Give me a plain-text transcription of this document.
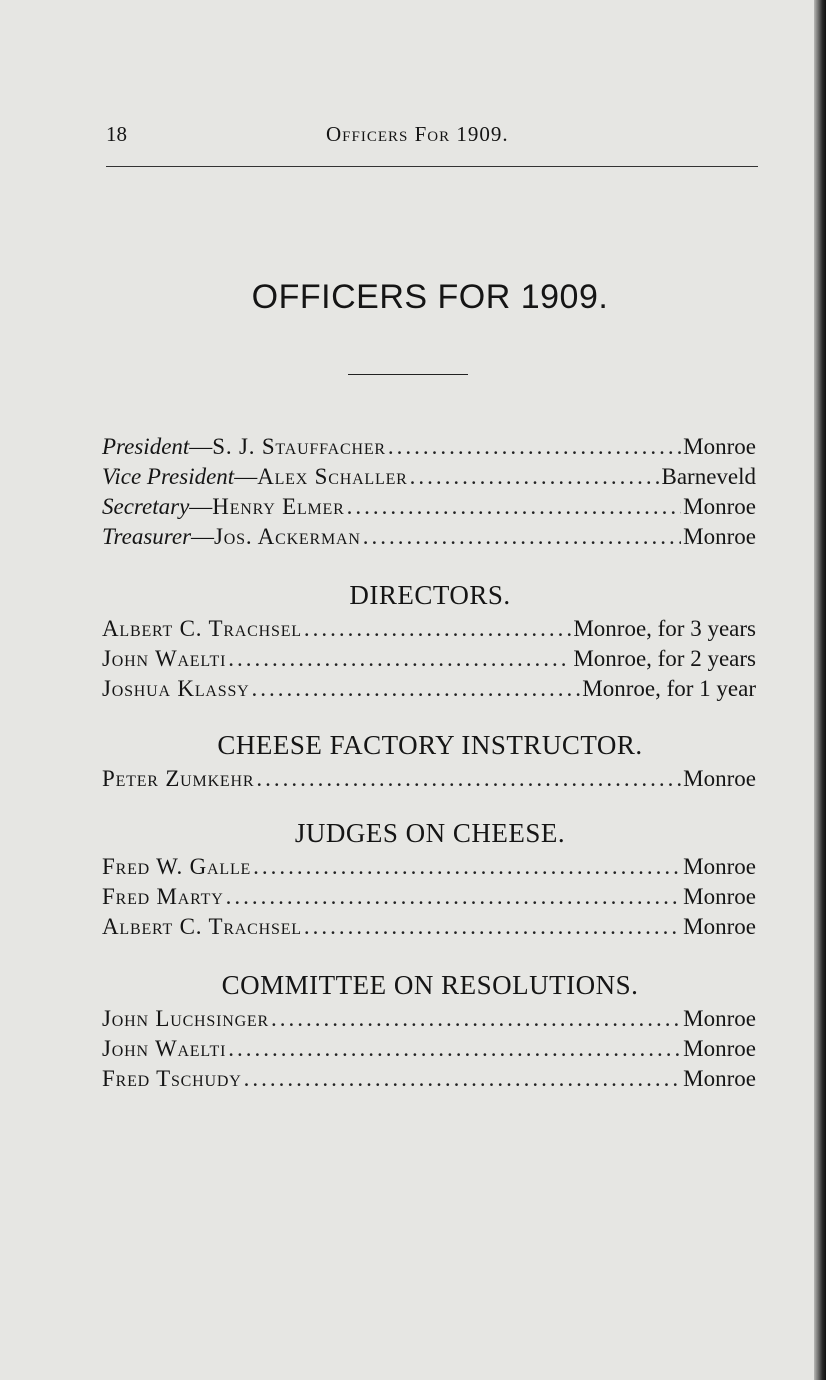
18	Officers For 1909.
OFFICERS FOR 1909.
President — S. J. Stauffacher .....	Monroe
Vice President — Alex Schaller .....	Barneveld
Secretary — Henry Elmer .....	Monroe
Treasurer — Jos. Ackerman .....	Monroe
DIRECTORS.
Albert C. Trachsel .....	Monroe, for 3 years
John Waelti .....	Monroe, for 2 years
Joshua Klassy .....	Monroe, for 1 year
CHEESE FACTORY INSTRUCTOR.
Peter Zumkehr .....	Monroe
JUDGES ON CHEESE.
Fred W. Galle .....	Monroe
Fred Marty .....	Monroe
Albert C. Trachsel .....	Monroe
COMMITTEE ON RESOLUTIONS.
John Luchsinger .....	Monroe
John Waelti .....	Monroe
Fred Tschudy .....	Monroe
